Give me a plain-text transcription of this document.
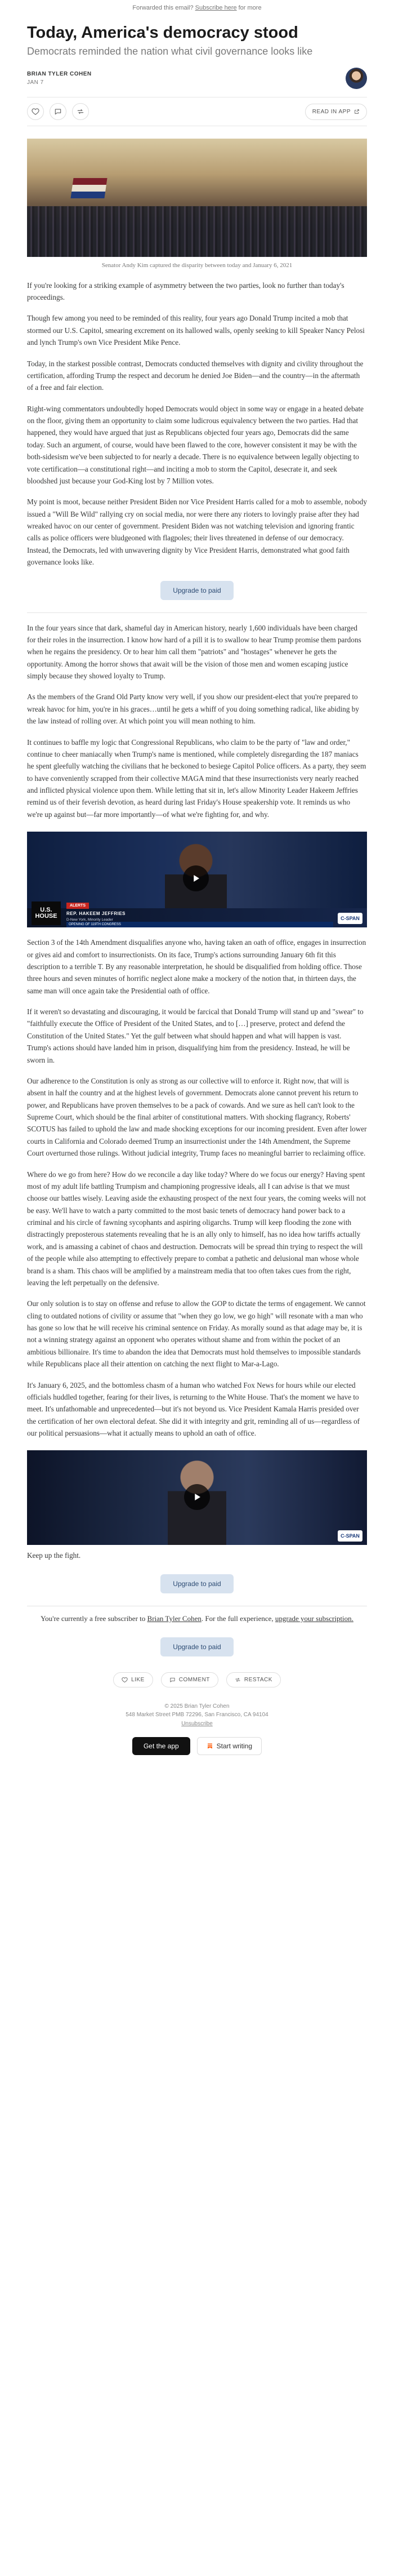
Forwarded this email? Subscribe here for more
Today, America's democracy stood
Democrats reminded the nation what civil governance looks like
BRIAN TYLER COHEN
JAN 7
READ IN APP
Senator Andy Kim captured the disparity between today and January 6, 2021

If you're looking for a striking example of asymmetry between the two parties, look no further than today's proceedings.

Though few among you need to be reminded of this reality, four years ago Donald Trump incited a mob that stormed our U.S. Capitol, smearing excrement on its hallowed walls, openly seeking to kill Speaker Nancy Pelosi and lynch Trump's own Vice President Mike Pence.

Today, in the starkest possible contrast, Democrats conducted themselves with dignity and civility throughout the certification, affording Trump the respect and decorum he denied Joe Biden—and the country—in the aftermath of a free and fair election.

Right-wing commentators undoubtedly hoped Democrats would object in some way or engage in a heated debate on the floor, giving them an opportunity to claim some ludicrous equivalency between the two parties. Had that happened, they would have argued that just as Republicans objected four years ago, Democrats did the same today. Such an argument, of course, would have been flawed to the core, however consistent it may be with the both-sidesism we've been subjected to for nearly a decade. There is no equivalence between legally objecting to vote certification—a constitutional right—and inciting a mob to storm the Capitol, desecrate it, and seek bloodshed just because your God-King lost by 7 Million votes.

My point is moot, because neither President Biden nor Vice President Harris called for a mob to assemble, nobody issued a "Will Be Wild" rallying cry on social media, nor were there any rioters to lovingly praise after they had wreaked havoc on our center of government. President Biden was not watching television and ignoring frantic calls as police officers were bludgeoned with flagpoles; their lives threatened in defense of our democracy. Instead, the Democrats, led with unwavering dignity by Vice President Harris, demonstrated what good faith governance looks like.

Upgrade to paid

In the four years since that dark, shameful day in American history, nearly 1,600 individuals have been charged for their roles in the insurrection. I know how hard of a pill it is to swallow to hear Trump promise them pardons when he regains the presidency. Or to hear him call them "patriots" and "hostages" whenever he gets the opportunity. Among the horror shows that await will be the vision of those men and women escaping justice simply because they showed loyalty to Trump.

As the members of the Grand Old Party know very well, if you show our president-elect that you're prepared to wreak havoc for him, you're in his graces…until he gets a whiff of you doing something radical, like abiding by the law instead of rolling over. At which point you will mean nothing to him.

It continues to baffle my logic that Congressional Republicans, who claim to be the party of "law and order," continue to cheer maniacally when Trump's name is mentioned, while completely disregarding the 187 maniacs he spent gleefully watching the civilians that he beckoned to besiege Capitol Police officers. As a party, they seem to have conveniently scrapped from their collective MAGA mind that these insurrectionists very nearly reached and inflicted physical violence upon them. While letting that sit in, let's allow Minority Leader Hakeem Jeffries remind us of their feverish devotion, as heard during last Friday's House speakership vote. It reminds us who we're up against but—far more importantly—of what we're fighting for, and why.

ALERTS
REP. HAKEEM JEFFRIES
D-New York, Minority Leader
U.S. HOUSE
OPENING OF 119TH CONGRESS
C-SPAN

Section 3 of the 14th Amendment disqualifies anyone who, having taken an oath of office, engages in insurrection or gives aid and comfort to insurrectionists. On its face, Trump's actions surrounding January 6th fit this description to a terrible T. By any reasonable interpretation, he should be disqualified from holding office. Those three hours and seven minutes of horrific neglect alone make a mockery of the notion that, in thirteen days, the same man will once again take the Presidential oath of office.

If it weren't so devastating and discouraging, it would be farcical that Donald Trump will stand up and "swear" to "faithfully execute the Office of President of the United States, and to […] preserve, protect and defend the Constitution of the United States." Yet the gulf between what should happen and what will happen is vast. Trump's actions should have landed him in prison, disqualifying him from the presidency. Instead, he will be sworn in.

Our adherence to the Constitution is only as strong as our collective will to enforce it. Right now, that will is absent in half the country and at the highest levels of government. Democrats alone cannot prevent his return to power, and Republicans have proven themselves to be a pack of cowards. And we sure as hell can't look to the Supreme Court, which should be the final arbiter of constitutional matters. With shocking flagrancy, Roberts' SCOTUS has failed to uphold the law and made shocking exceptions for our incoming president. Even after lower courts in California and Colorado deemed Trump an insurrectionist under the 14th Amendment, the Supreme Court overturned those rulings. Without judicial integrity, Trump faces no meaningful barrier to reclaiming office.

Where do we go from here? How do we reconcile a day like today? Where do we focus our energy? Having spent most of my adult life battling Trumpism and championing progressive ideals, all I can advise is that we must choose our battles wisely. Leaving aside the exhausting prospect of the next four years, the coming weeks will not be easy. We'll have to watch a party committed to the most basic tenets of democracy hand power back to a criminal and his circle of fawning sycophants and aspiring oligarchs. Trump will keep flooding the zone with distractingly preposterous statements revealing that he is an ally only to himself, has no idea how tariffs actually work, and is amassing a cabinet of chaos and destruction. Democrats will be spread thin trying to respect the will of the people while also attempting to effectively prepare to combat a pathetic and delusional man whose whole brand is a sham. This chaos will be amplified by a mainstream media that too often takes cues from the right, leaving the left perpetually on the defensive.

Our only solution is to stay on offense and refuse to allow the GOP to dictate the terms of engagement. We cannot cling to outdated notions of civility or assume that "when they go low, we go high" will resonate with a man who has gone so low that he will receive his criminal sentence on Friday. As morally sound as that adage may be, it is not a winning strategy against an opponent who operates without shame and from within the pocket of an ambitious billionaire. It's time to abandon the idea that Democrats must hold themselves to impossible standards while Republicans place all their attention on catching the next flight to Mar-a-Lago.

It's January 6, 2025, and the bottomless chasm of a human who watched Fox News for hours while our elected officials huddled together, fearing for their lives, is returning to the White House. That's the moment we have to meet. It's unfathomable and unprecedented—but it's not beyond us. Vice President Kamala Harris presided over the certification of her own electoral defeat. She did it with integrity and grit, reminding all of us—regardless of our political persuasions—what it actually means to uphold an oath of office.

C-SPAN

Keep up the fight.

Upgrade to paid
You're currently a free subscriber to Brian Tyler Cohen. For the full experience, upgrade your subscription.
Upgrade to paid
LIKE	COMMENT	RESTACK
© 2025 Brian Tyler Cohen
548 Market Street PMB 72296, San Francisco, CA 94104
Unsubscribe
Get the app	Start writing
